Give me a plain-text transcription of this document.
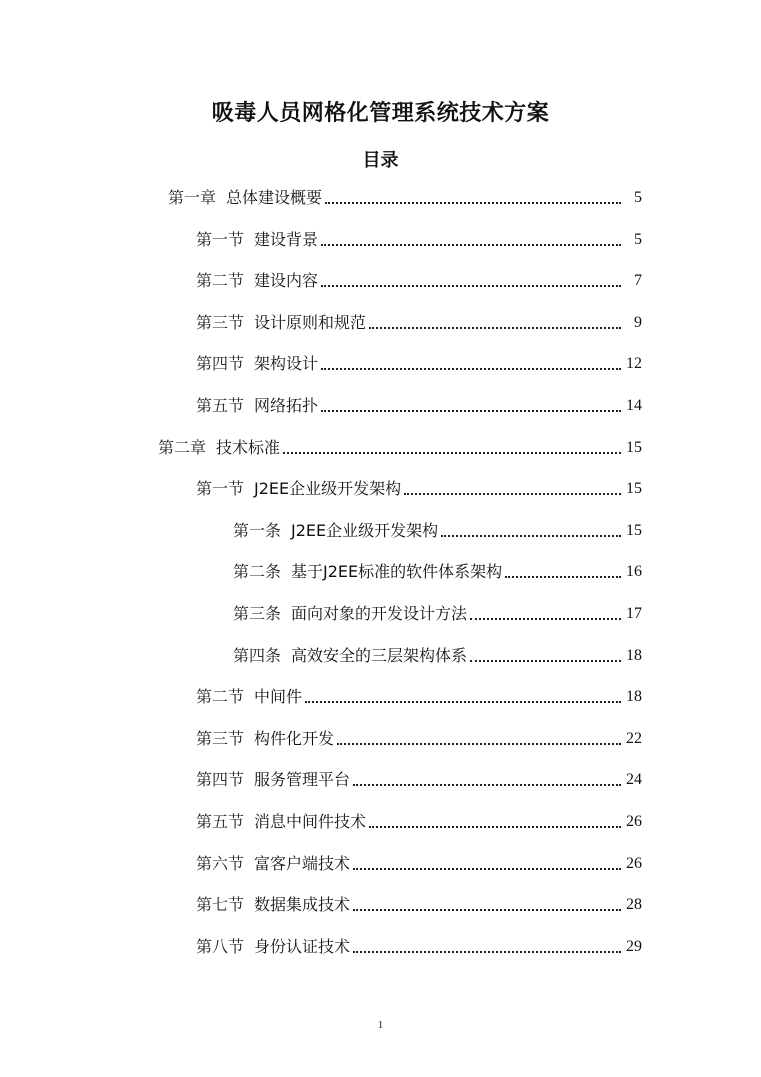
吸毒人员网格化管理系统技术方案
目录
第一章 总体建设概要	5
第一节 建设背景	5
第二节 建设内容	7
第三节 设计原则和规范	9
第四节 架构设计	12
第五节 网络拓扑	14
第二章 技术标准	15
第一节 J2EE企业级开发架构	15
第一条 J2EE企业级开发架构	15
第二条 基于J2EE标准的软件体系架构	16
第三条 面向对象的开发设计方法	17
第四条 高效安全的三层架构体系	18
第二节 中间件	18
第三节 构件化开发	22
第四节 服务管理平台	24
第五节 消息中间件技术	26
第六节 富客户端技术	26
第七节 数据集成技术	28
第八节 身份认证技术	29
1
